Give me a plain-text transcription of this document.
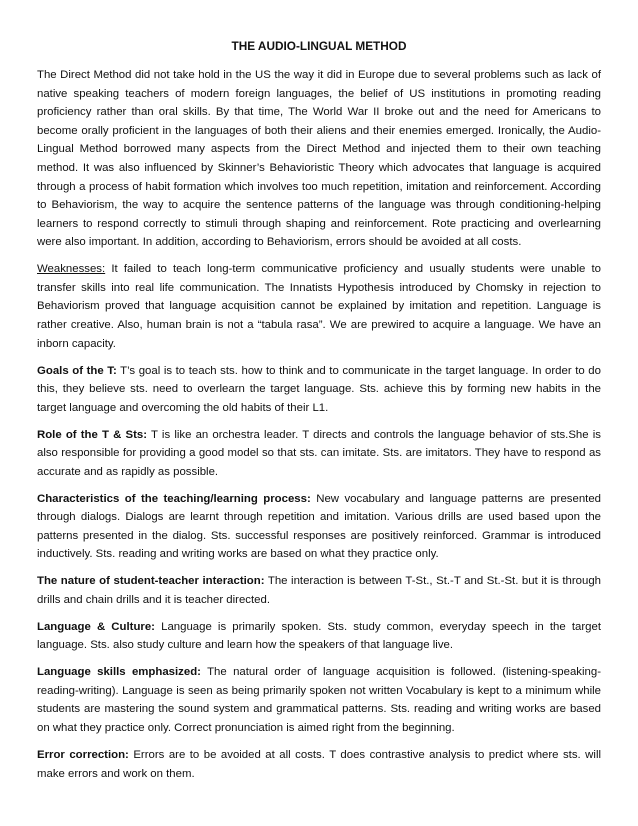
THE AUDIO-LINGUAL METHOD

The Direct Method did not take hold in the US the way it did in Europe due to several problems such as lack of native speaking teachers of modern foreign languages, the belief of US institutions in promoting reading proficiency rather than oral skills. By that time, The World War II broke out and the need for Americans to become orally proficient in the languages of both their aliens and their enemies emerged. Ironically, the Audio-Lingual Method borrowed many aspects from the Direct Method and injected them to their own teaching method. It was also influenced by Skinner’s Behavioristic Theory which advocates that language is acquired through a process of habit formation which involves too much repetition, imitation and reinforcement. According to Behaviorism, the way to acquire the sentence patterns of the language was through conditioning-helping learners to respond correctly to stimuli through shaping and reinforcement. Rote practicing and overlearning were also important. In addition, according to Behaviorism, errors should be avoided at all costs.

Weaknesses: It failed to teach long-term communicative proficiency and usually students were unable to transfer skills into real life communication. The Innatists Hypothesis introduced by Chomsky in rejection to Behaviorism proved that language acquisition cannot be explained by imitation and repetition. Language is rather creative. Also, human brain is not a “tabula rasa”. We are prewired to acquire a language. We have an inborn capacity.

Goals of the T: T’s goal is to teach sts. how to think and to communicate in the target language. In order to do this, they believe sts. need to overlearn the target language. Sts. achieve this by forming new habits in the target language and overcoming the old habits of their L1.

Role of the T & Sts: T is like an orchestra leader. T directs and controls the language behavior of sts.She is also responsible for providing a good model so that sts. can imitate. Sts. are imitators. They have to respond as accurate and as rapidly as possible.

Characteristics of the teaching/learning process: New vocabulary and language patterns are presented through dialogs. Dialogs are learnt through repetition and imitation. Various drills are used based upon the patterns presented in the dialog. Sts. successful responses are positively reinforced. Grammar is introduced inductively. Sts. reading and writing works are based on what they practice only.

The nature of student-teacher interaction: The interaction is between T-St., St.-T and St.-St. but it is through drills and chain drills and it is teacher directed.

Language & Culture: Language is primarily spoken. Sts. study common, everyday speech in the target language. Sts. also study culture and learn how the speakers of that language live.

Language skills emphasized: The natural order of language acquisition is followed. (listening-speaking-reading-writing). Language is seen as being primarily spoken not written Vocabulary is kept to a minimum while students are mastering the sound system and grammatical patterns. Sts. reading and writing works are based on what they practice only. Correct pronunciation is aimed right from the beginning.

Error correction: Errors are to be avoided at all costs. T does contrastive analysis to predict where sts. will make errors and work on them.
